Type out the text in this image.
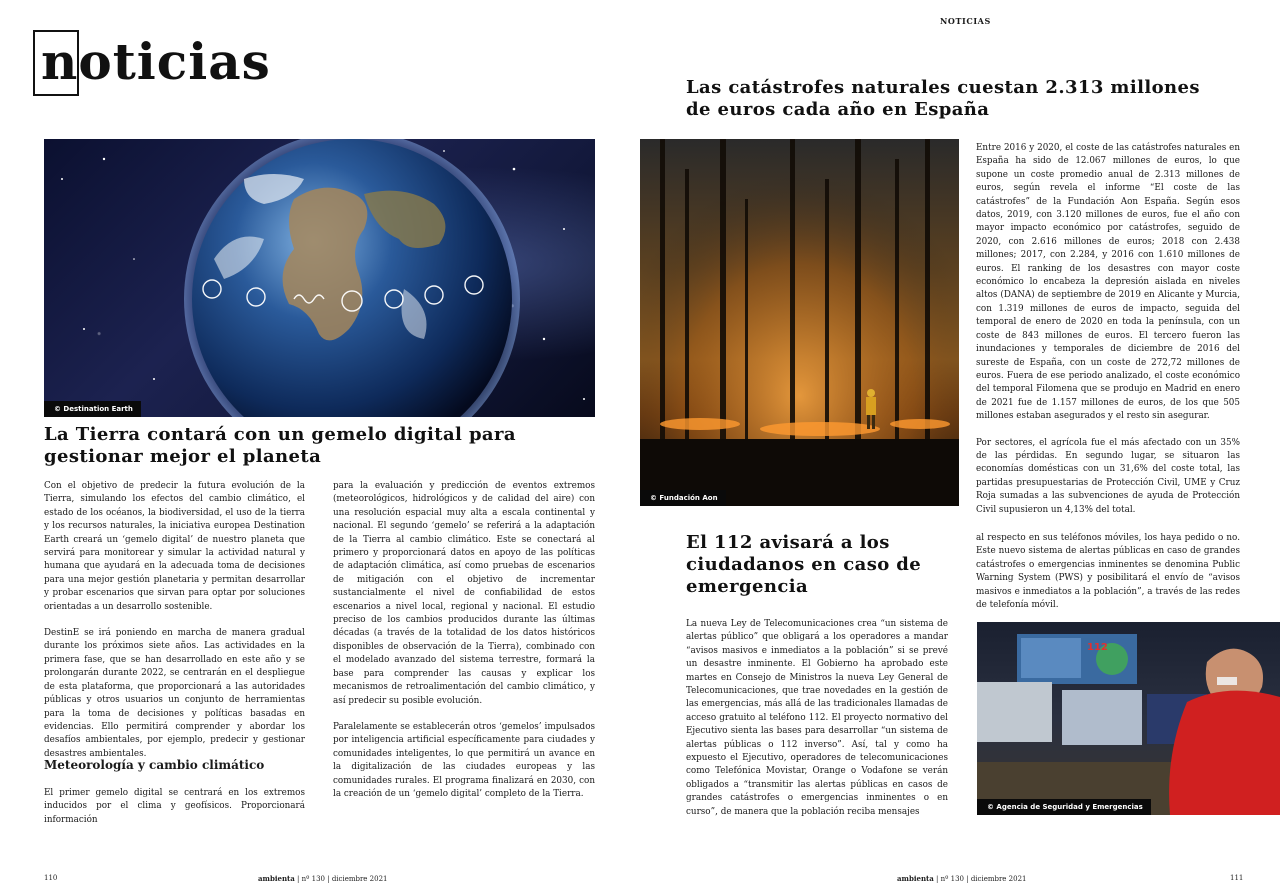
noticias
© Destination Earth
La Tierra contará con un gemelo digital para
gestionar mejor el planeta

Con el objetivo de predecir la futura evolución de la Tierra, simulando los efectos del cambio climático, el estado de los océanos, la biodiversidad, el uso de la tierra y los recursos naturales, la iniciativa europea Destination Earth creará un ‘gemelo digital’ de nuestro planeta que servirá para monitorear y simular la actividad natural y humana que ayudará en la adecuada toma de decisiones para una mejor gestión planetaria y permitan desarrollar y probar escenarios que sirvan para optar por soluciones orientadas a un desarrollo sostenible.

DestinE se irá poniendo en marcha de manera gradual durante los próximos siete años. Las actividades en la primera fase, que se han desarrollado en este año y se prolongarán durante 2022, se centrarán en el despliegue de esta plataforma, que proporcionará a las autoridades públicas y otros usuarios un conjunto de herramientas para la toma de decisiones y políticas basadas en evidencias. Ello permitirá comprender y abordar los desafíos ambientales, por ejemplo, predecir y gestionar desastres ambientales.

Meteorología y cambio climático

El primer gemelo digital se centrará en los extremos inducidos por el clima y geofísicos. Proporcionará información

para la evaluación y predicción de eventos extremos (meteorológicos, hidrológicos y de calidad del aire) con una resolución espacial muy alta a escala continental y nacional. El segundo ‘gemelo’ se referirá a la adaptación de la Tierra al cambio climático. Este se conectará al primero y proporcionará datos en apoyo de las políticas de adaptación climática, así como pruebas de escenarios de mitigación con el objetivo de incrementar sustancialmente el nivel de confiabilidad de estos escenarios a nivel local, regional y nacional. El estudio preciso de los cambios producidos durante las últimas décadas (a través de la totalidad de los datos históricos disponibles de observación de la Tierra), combinado con el modelado avanzado del sistema terrestre, formará la base para comprender las causas y explicar los mecanismos de retroalimentación del cambio climático, y así predecir su posible evolución.

Paralelamente se establecerán otros ‘gemelos’ impulsados por inteligencia artificial específicamente para ciudades y comunidades inteligentes, lo que permitirá un avance en la digitalización de las ciudades europeas y las comunidades rurales. El programa finalizará en 2030, con la creación de un ‘gemelo digital’ completo de la Tierra.

110	ambienta | nº 130 | diciembre 2021
NOTICIAS
Las catástrofes naturales cuestan 2.313 millones
de euros cada año en España
© Fundación Aon

Entre 2016 y 2020, el coste de las catástrofes naturales en España ha sido de 12.067 millones de euros, lo que supone un coste promedio anual de 2.313 millones de euros, según revela el informe “El coste de las catástrofes” de la Fundación Aon España. Según esos datos, 2019, con 3.120 millones de euros, fue el año con mayor impacto económico por catástrofes, seguido de 2020, con 2.616 millones de euros; 2018 con 2.438 millones; 2017, con 2.284, y 2016 con 1.610 millones de euros. El ranking de los desastres con mayor coste económico lo encabeza la depresión aislada en niveles altos (DANA) de septiembre de 2019 en Alicante y Murcia, con 1.319 millones de euros de impacto, seguida del temporal de enero de 2020 en toda la península, con un coste de 843 millones de euros. El tercero fueron las inundaciones y temporales de diciembre de 2016 del sureste de España, con un coste de 272,72 millones de euros. Fuera de ese periodo analizado, el coste económico del temporal Filomena que se produjo en Madrid en enero de 2021 fue de 1.157 millones de euros, de los que 505 millones estaban asegurados y el resto sin asegurar.

Por sectores, el agrícola fue el más afectado con un 35% de las pérdidas. En segundo lugar, se situaron las economías domésticas con un 31,6% del coste total, las partidas presupuestarias de Protección Civil, UME y Cruz Roja sumadas a las subvenciones de ayuda de Protección Civil supusieron un 4,13% del total.

El 112 avisará a los
ciudadanos en caso de
emergencia

La nueva Ley de Telecomunicaciones crea “un sistema de alertas público” que obligará a los operadores a mandar “avisos masivos e inmediatos a la población” si se prevé un desastre inminente. El Gobierno ha aprobado este martes en Consejo de Ministros la nueva Ley General de Telecomunicaciones, que trae novedades en la gestión de las emergencias, más allá de las tradicionales llamadas de acceso gratuito al teléfono 112. El proyecto normativo del Ejecutivo sienta las bases para desarrollar “un sistema de alertas públicas o 112 inverso”. Así, tal y como ha expuesto el Ejecutivo, operadores de telecomunicaciones como Telefónica Movistar, Orange o Vodafone se verán obligados a “transmitir las alertas públicas en casos de grandes catástrofes o emergencias inminentes o en curso”, de manera que la población reciba mensajes

al respecto en sus teléfonos móviles, los haya pedido o no. Este nuevo sistema de alertas públicas en caso de grandes catástrofes o emergencias inminentes se denomina Public Warning System (PWS) y posibilitará el envío de “avisos masivos e inmediatos a la población”, a través de las redes de telefonía móvil.

112
© Agencia de Seguridad y Emergencias
ambienta | nº 130 | diciembre 2021	111
